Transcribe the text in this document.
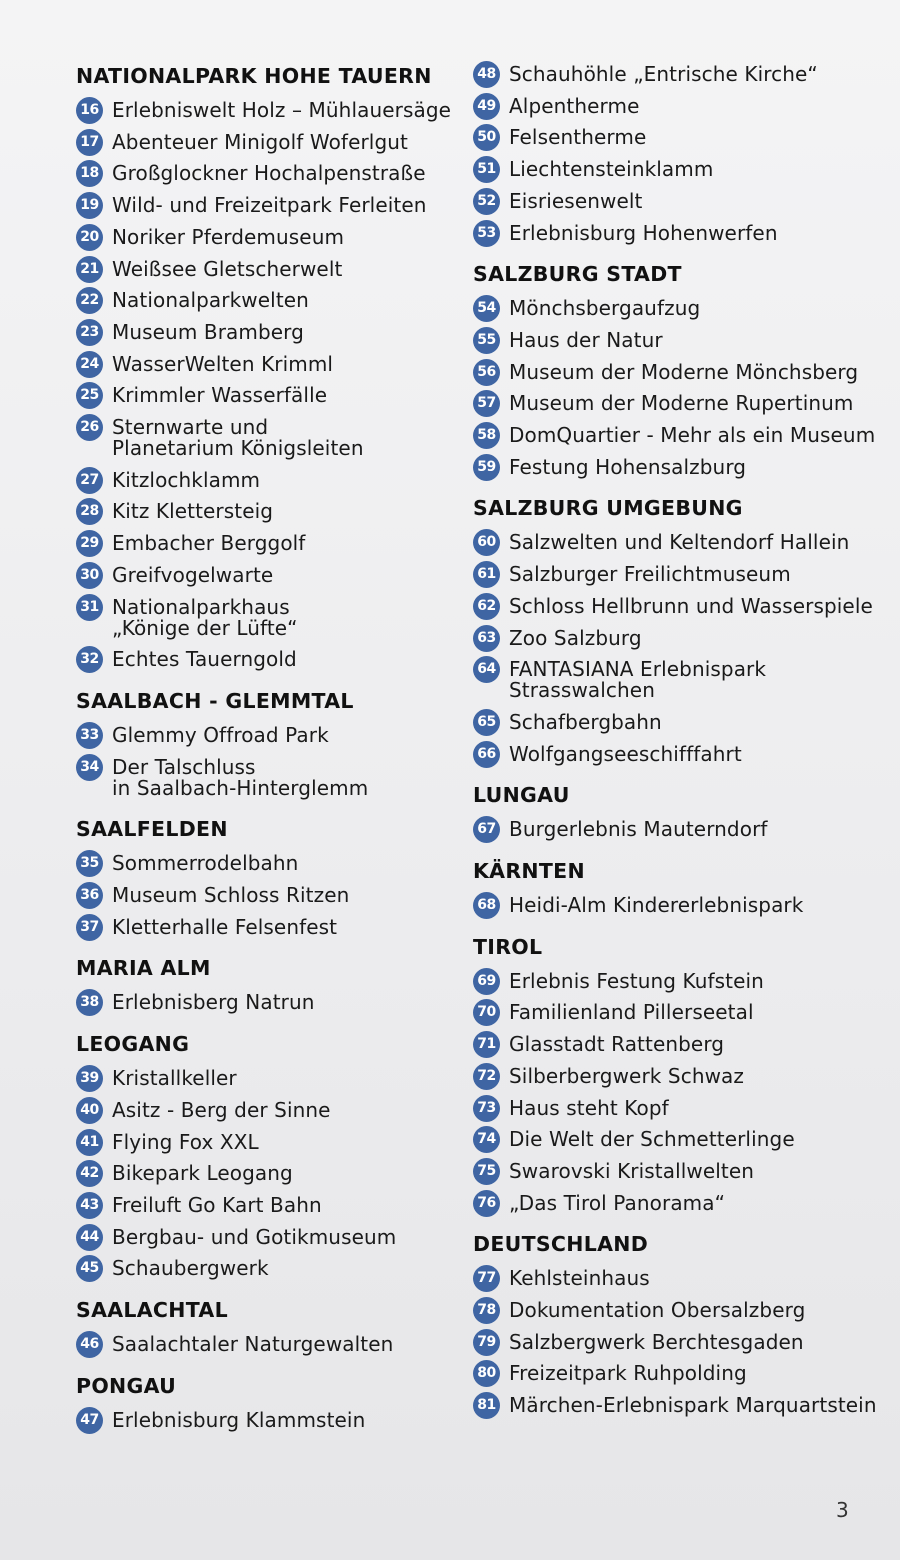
NATIONALPARK HOHE TAUERN
16 Erlebniswelt Holz – Mühlauersäge
17 Abenteuer Minigolf Woferlgut
18 Großglockner Hochalpenstraße
19 Wild- und Freizeitpark Ferleiten
20 Noriker Pferdemuseum
21 Weißsee Gletscherwelt
22 Nationalparkwelten
23 Museum Bramberg
24 WasserWelten Krimml
25 Krimmler Wasserfälle
26 Sternwarte und
Planetarium Königsleiten
27 Kitzlochklamm
28 Kitz Klettersteig
29 Embacher Berggolf
30 Greifvogelwarte
31 Nationalparkhaus
„Könige der Lüfte“
32 Echtes Tauerngold
SAALBACH - GLEMMTAL
33 Glemmy Offroad Park
34 Der Talschluss
in Saalbach-Hinterglemm
SAALFELDEN
35 Sommerrodelbahn
36 Museum Schloss Ritzen
37 Kletterhalle Felsenfest
MARIA ALM
38 Erlebnisberg Natrun
LEOGANG
39 Kristallkeller
40 Asitz - Berg der Sinne
41 Flying Fox XXL
42 Bikepark Leogang
43 Freiluft Go Kart Bahn
44 Bergbau- und Gotikmuseum
45 Schaubergwerk
SAALACHTAL
46 Saalachtaler Naturgewalten
PONGAU
47 Erlebnisburg Klammstein
48 Schauhöhle „Entrische Kirche“
49 Alpentherme
50 Felsentherme
51 Liechtensteinklamm
52 Eisriesenwelt
53 Erlebnisburg Hohenwerfen
SALZBURG STADT
54 Mönchsbergaufzug
55 Haus der Natur
56 Museum der Moderne Mönchsberg
57 Museum der Moderne Rupertinum
58 DomQuartier - Mehr als ein Museum
59 Festung Hohensalzburg
SALZBURG UMGEBUNG
60 Salzwelten und Keltendorf Hallein
61 Salzburger Freilichtmuseum
62 Schloss Hellbrunn und Wasserspiele
63 Zoo Salzburg
64 FANTASIANA Erlebnispark
Strasswalchen
65 Schafbergbahn
66 Wolfgangseeschifffahrt
LUNGAU
67 Burgerlebnis Mauterndorf
KÄRNTEN
68 Heidi-Alm Kindererlebnispark
TIROL
69 Erlebnis Festung Kufstein
70 Familienland Pillerseetal
71 Glasstadt Rattenberg
72 Silberbergwerk Schwaz
73 Haus steht Kopf
74 Die Welt der Schmetterlinge
75 Swarovski Kristallwelten
76 „Das Tirol Panorama“
DEUTSCHLAND
77 Kehlsteinhaus
78 Dokumentation Obersalzberg
79 Salzbergwerk Berchtesgaden
80 Freizeitpark Ruhpolding
81 Märchen-Erlebnispark Marquartstein
3
